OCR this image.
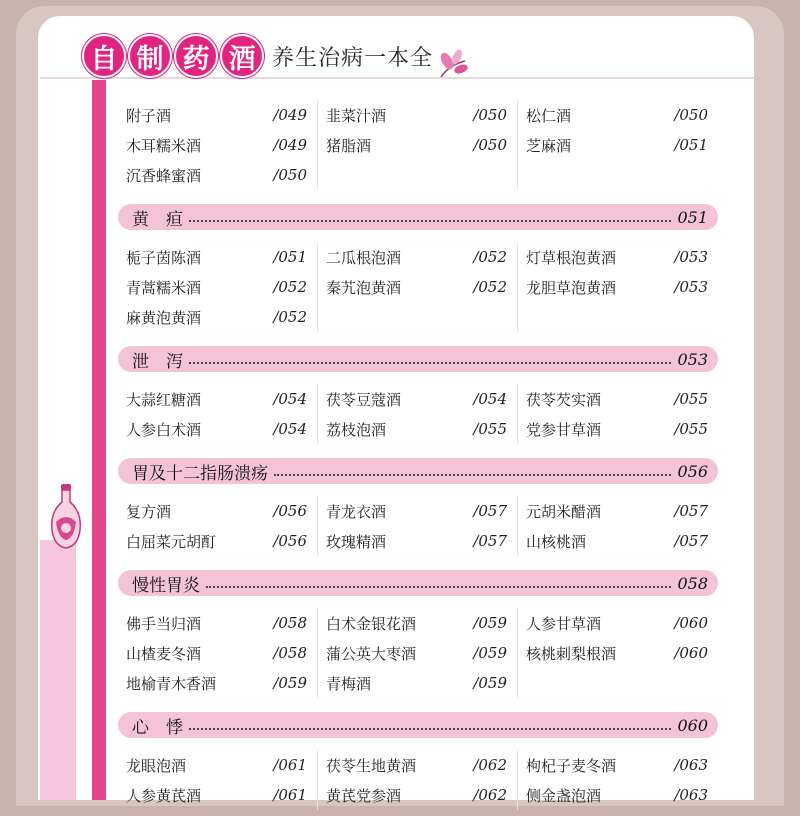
自 制 药 酒 养生治病一本全
附子酒	/049 韭菜汁酒	/050 松仁酒	/050
木耳糯米酒	/049 猪脂酒	/050 芝麻酒	/051
沉香蜂蜜酒	/050
黄　疸	051
栀子茵陈酒	/051 二瓜根泡酒	/052 灯草根泡黄酒	/053
青蒿糯米酒	/052 秦艽泡黄酒	/052 龙胆草泡黄酒	/053
麻黄泡黄酒	/052
泄　泻	053
大蒜红糖酒	/054 茯苓豆蔻酒	/054 茯苓芡实酒	/055
人参白术酒	/054 荔枝泡酒	/055 党参甘草酒	/055
胃及十二指肠溃疡	056
复方酒	/056 青龙衣酒	/057 元胡米醋酒	/057
白屈菜元胡酊	/056 玫瑰精酒	/057 山核桃酒	/057
慢性胃炎	058
佛手当归酒	/058 白术金银花酒	/059 人参甘草酒	/060
山楂麦冬酒	/058 蒲公英大枣酒	/059 核桃刺梨根酒	/060
地榆青木香酒	/059 青梅酒	/059
心　悸	060
龙眼泡酒	/061 茯苓生地黄酒	/062 枸杞子麦冬酒	/063
人参黄芪酒	/061 黄芪党参酒	/062 侧金盏泡酒	/063
